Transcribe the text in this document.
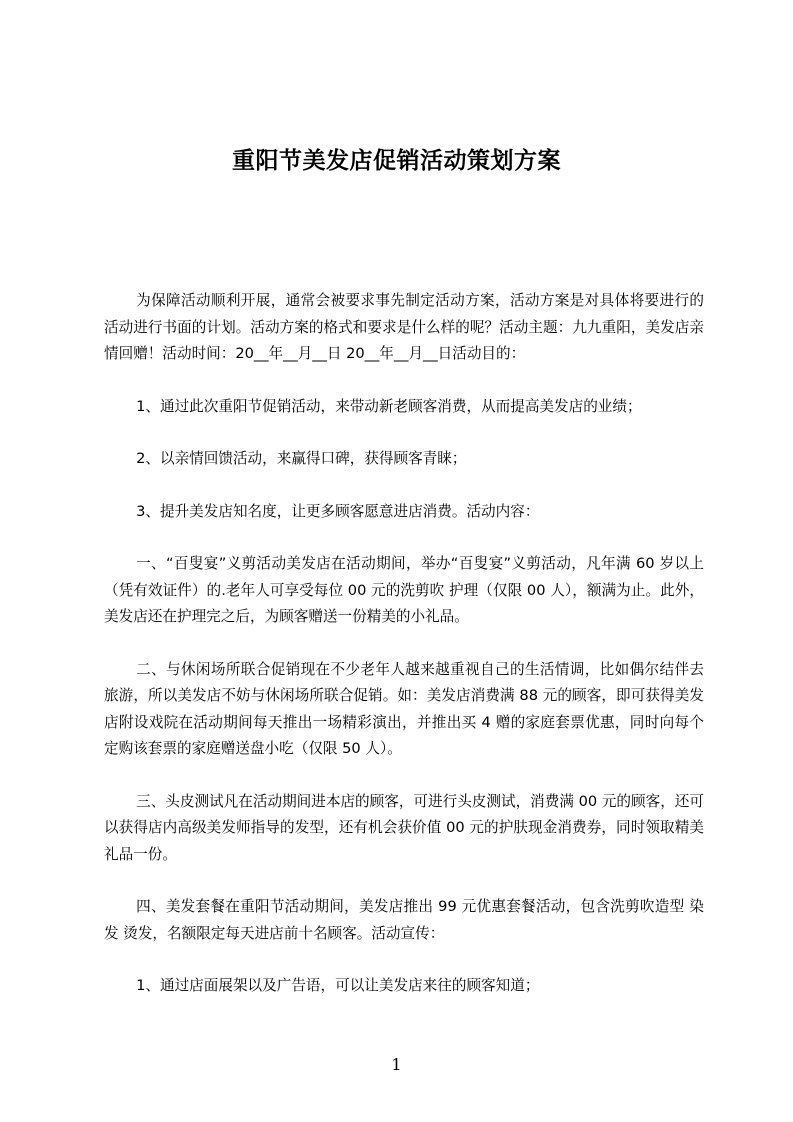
重阳节美发店促销活动策划方案

为保障活动顺利开展，通常会被要求事先制定活动方案，活动方案是对具体将要进行的活动进行书面的计划。活动方案的格式和要求是什么样的呢？活动主题：九九重阳，美发店亲情回赠！活动时间：20__年__月__日 20__年__月__日活动目的：

1、通过此次重阳节促销活动，来带动新老顾客消费，从而提高美发店的业绩；

2、以亲情回馈活动，来赢得口碑，获得顾客青睐；

3、提升美发店知名度，让更多顾客愿意进店消费。活动内容：

一、“百叟宴”义剪活动美发店在活动期间，举办“百叟宴”义剪活动，凡年满 60 岁以上（凭有效证件）的.老年人可享受每位 00 元的洗剪吹 护理（仅限 00 人），额满为止。此外，美发店还在护理完之后，为顾客赠送一份精美的小礼品。

二、与休闲场所联合促销现在不少老年人越来越重视自己的生活情调，比如偶尔结伴去旅游，所以美发店不妨与休闲场所联合促销。如：美发店消费满 88 元的顾客，即可获得美发店附设戏院在活动期间每天推出一场精彩演出，并推出买 4 赠的家庭套票优惠，同时向每个定购该套票的家庭赠送盘小吃（仅限 50 人）。

三、头皮测试凡在活动期间进本店的顾客，可进行头皮测试，消费满 00 元的顾客，还可以获得店内高级美发师指导的发型，还有机会获价值 00 元的护肤现金消费券，同时领取精美礼品一份。

四、美发套餐在重阳节活动期间，美发店推出 99 元优惠套餐活动，包含洗剪吹造型 染发 烫发，名额限定每天进店前十名顾客。活动宣传：

1、通过店面展架以及广告语，可以让美发店来往的顾客知道；

1
